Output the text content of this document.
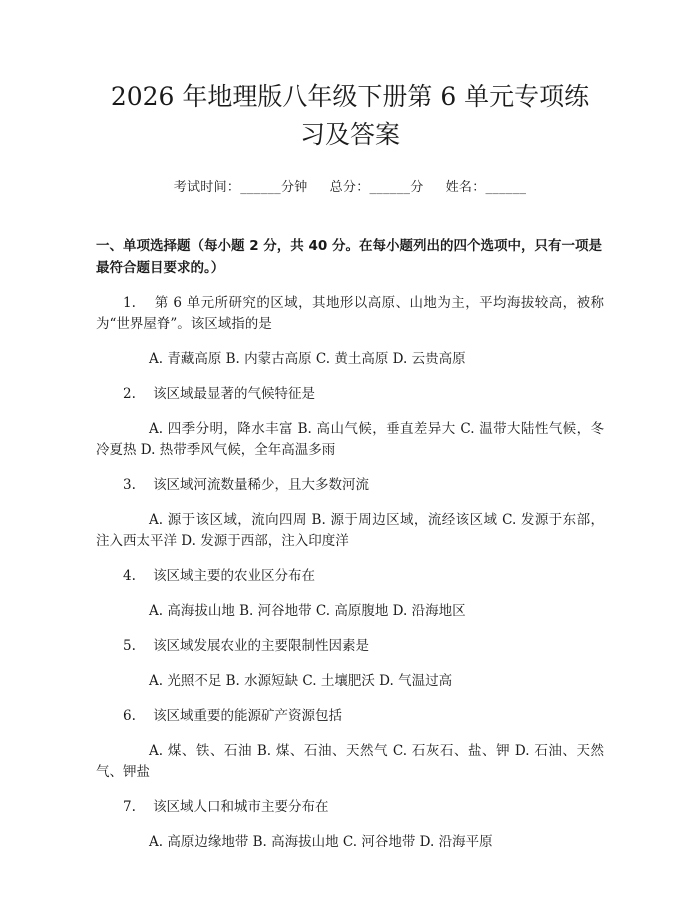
2026 年地理版八年级下册第 6 单元专项练习及答案
考试时间：______分钟 总分：______分 姓名：______

一、单项选择题（每小题 2 分，共 40 分。在每小题列出的四个选项中，只有一项是最符合题目要求的。）

1. 第 6 单元所研究的区域，其地形以高原、山地为主，平均海拔较高，被称为“世界屋脊”。该区域指的是

A. 青藏高原 B. 内蒙古高原 C. 黄土高原 D. 云贵高原

2. 该区域最显著的气候特征是

A. 四季分明，降水丰富 B. 高山气候，垂直差异大 C. 温带大陆性气候，冬冷夏热 D. 热带季风气候，全年高温多雨

3. 该区域河流数量稀少，且大多数河流

A. 源于该区域，流向四周 B. 源于周边区域，流经该区域 C. 发源于东部，注入西太平洋 D. 发源于西部，注入印度洋

4. 该区域主要的农业区分布在

A. 高海拔山地 B. 河谷地带 C. 高原腹地 D. 沿海地区

5. 该区域发展农业的主要限制性因素是

A. 光照不足 B. 水源短缺 C. 土壤肥沃 D. 气温过高

6. 该区域重要的能源矿产资源包括

A. 煤、铁、石油 B. 煤、石油、天然气 C. 石灰石、盐、钾 D. 石油、天然气、钾盐

7. 该区域人口和城市主要分布在

A. 高原边缘地带 B. 高海拔山地 C. 河谷地带 D. 沿海平原
